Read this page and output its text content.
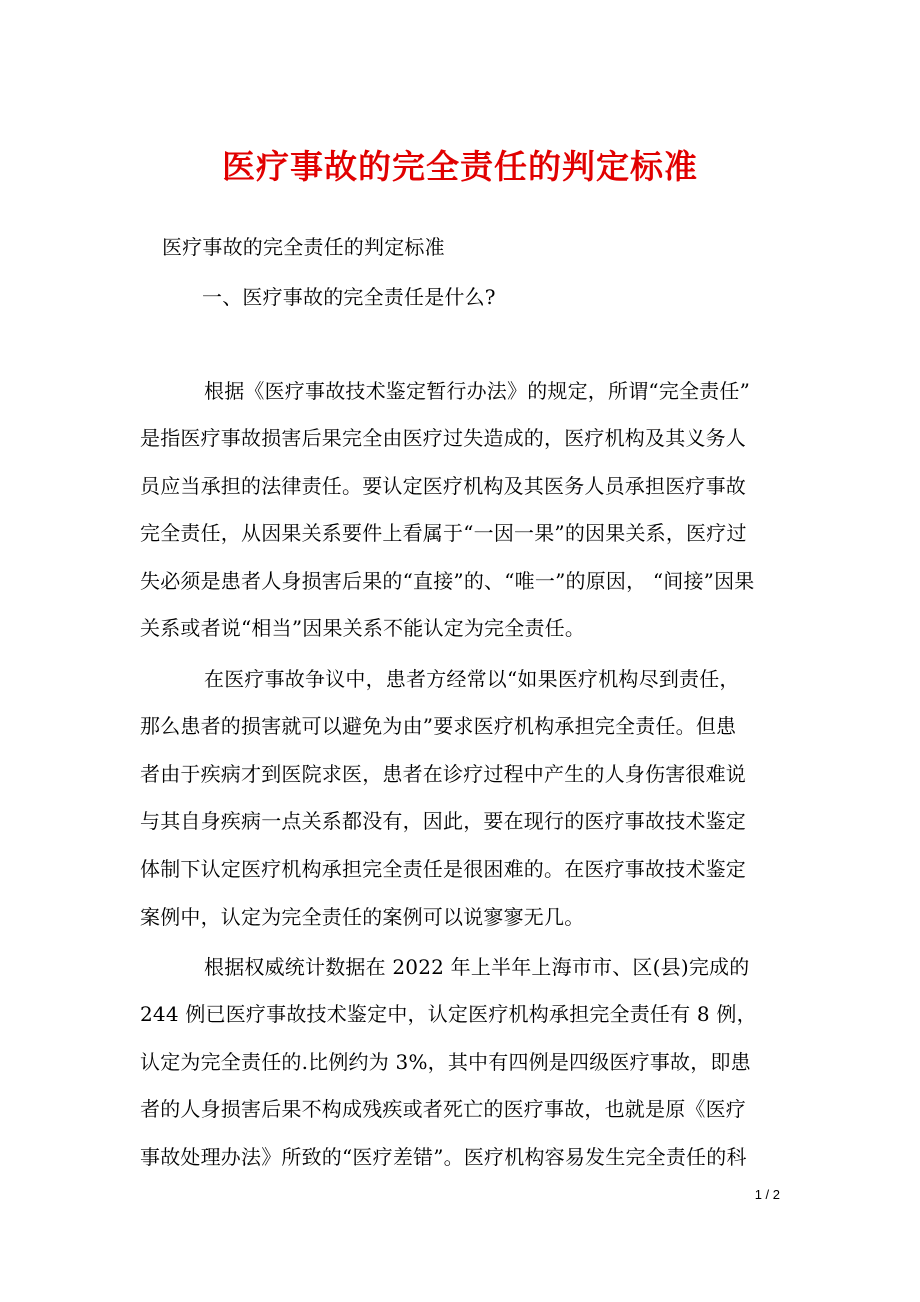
医疗事故的完全责任的判定标准
医疗事故的完全责任的判定标准
一、医疗事故的完全责任是什么?
根据《医疗事故技术鉴定暂行办法》的规定，所谓“完全责任”
是指医疗事故损害后果完全由医疗过失造成的，医疗机构及其义务人
员应当承担的法律责任。要认定医疗机构及其医务人员承担医疗事故
完全责任，从因果关系要件上看属于“一因一果”的因果关系，医疗过
失必须是患者人身损害后果的“直接”的、“唯一”的原因， “间接”因果
关系或者说“相当”因果关系不能认定为完全责任。
在医疗事故争议中，患者方经常以“如果医疗机构尽到责任，
那么患者的损害就可以避免为由”要求医疗机构承担完全责任。但患
者由于疾病才到医院求医，患者在诊疗过程中产生的人身伤害很难说
与其自身疾病一点关系都没有，因此，要在现行的医疗事故技术鉴定
体制下认定医疗机构承担完全责任是很困难的。在医疗事故技术鉴定
案例中，认定为完全责任的案例可以说寥寥无几。
根据权威统计数据在 2022 年上半年上海市市、区(县)完成的
244 例已医疗事故技术鉴定中，认定医疗机构承担完全责任有 8 例，
认定为完全责任的.比例约为 3%，其中有四例是四级医疗事故，即患
者的人身损害后果不构成残疾或者死亡的医疗事故，也就是原《医疗
事故处理办法》所致的“医疗差错”。医疗机构容易发生完全责任的科
1 / 2
